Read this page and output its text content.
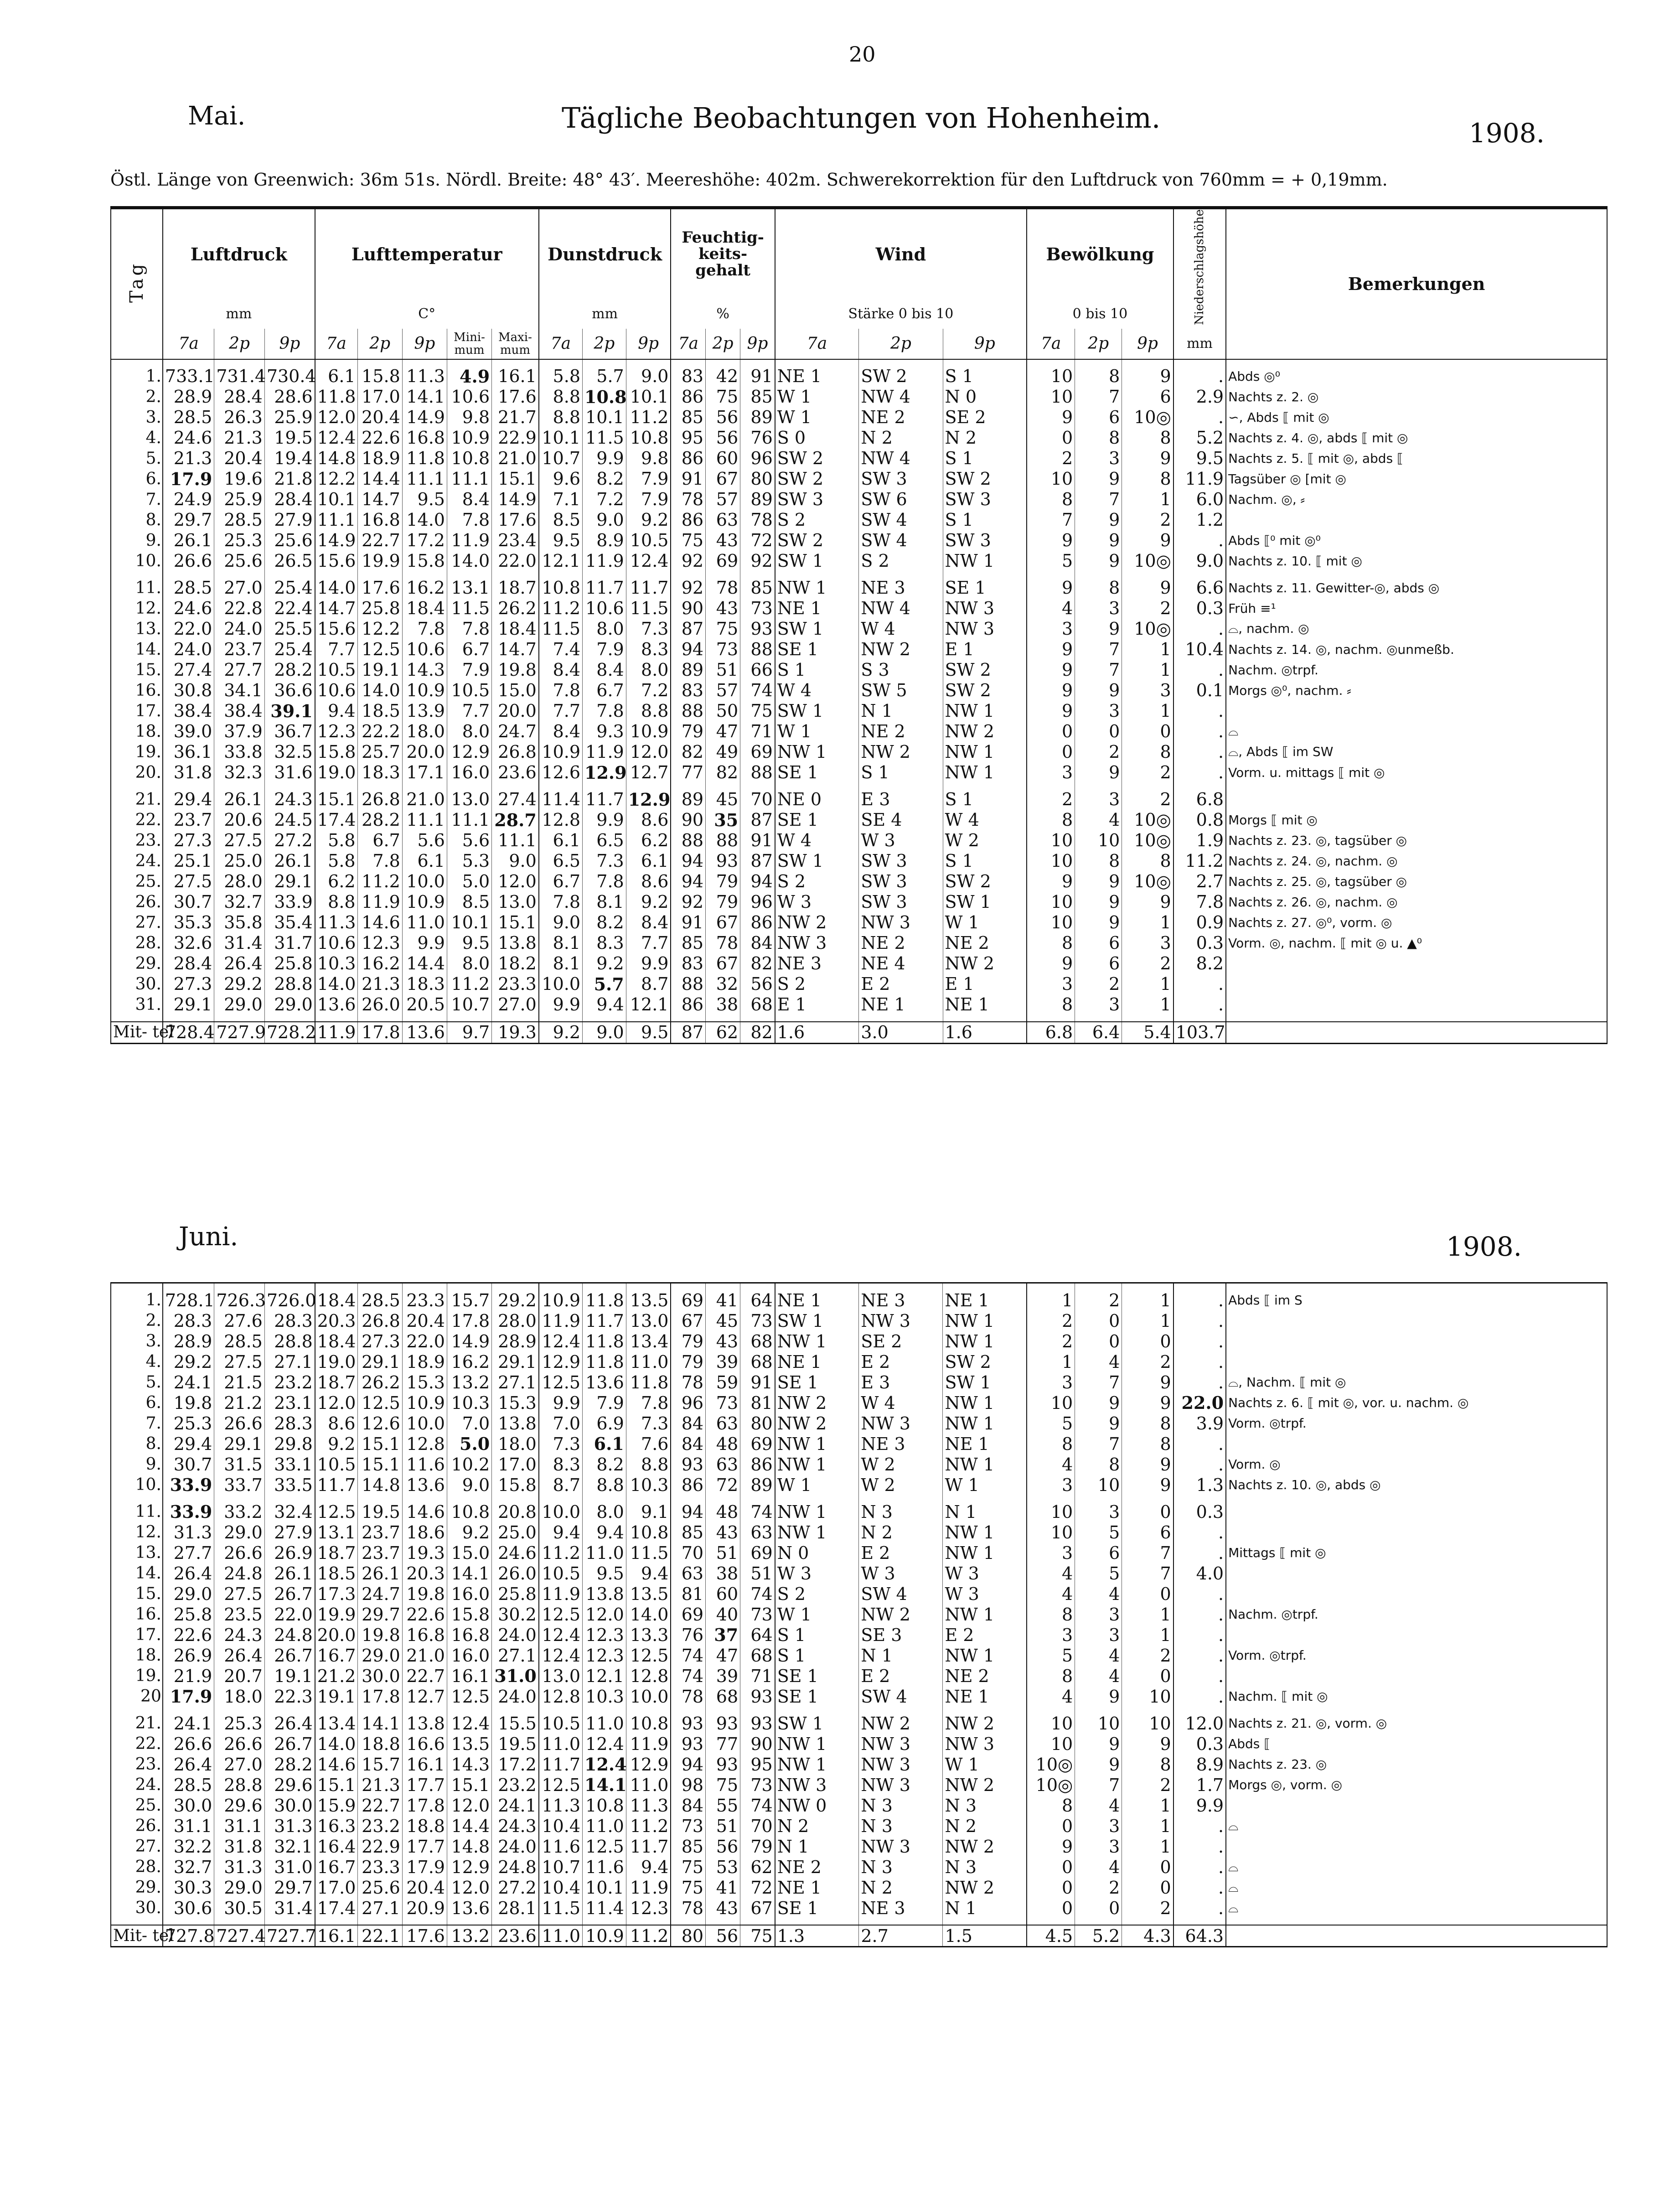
20
Mai.	Tägliche Beobachtungen von Hohenheim.	1908.
Östl. Länge von Greenwich: 36m 51s. Nördl. Breite: 48° 43′. Meereshöhe: 402m. Schwerekorrektion für den Luftdruck von 760mm = + 0,19mm.
Tag	Luftdruck			Lufttemperatur					Dunstdruck			Feuchtig- keits- gehalt			Wind			Bewölkung			Niederschlagshöhe	Bemerkungen
	mm			C°					mm			%			Stärke 0 bis 10			0 bis 10				
	7a	2p	9p	7a	2p	9p	Mini- mum	Maxi- mum	7a	2p	9p	7a	2p	9p	7a	2p	9p	7a	2p	9p	mm	

1.	733.1	731.4	730.4	6.1	15.8	11.3	4.9	16.1	5.8	5.7	9.0	83	42	91	NE 1	SW 2	S 1	10	8	9	.	Abds ◎⁰
2.	28.9	28.4	28.6	11.8	17.0	14.1	10.6	17.6	8.8	10.8	10.1	86	75	85	W 1	NW 4	N 0	10	7	6	2.9	Nachts z. 2. ◎
3.	28.5	26.3	25.9	12.0	20.4	14.9	9.8	21.7	8.8	10.1	11.2	85	56	89	W 1	NE 2	SE 2	9	6	10◎	.	∽, Abds ⟦ mit ◎
4.	24.6	21.3	19.5	12.4	22.6	16.8	10.9	22.9	10.1	11.5	10.8	95	56	76	S 0	N 2	N 2	0	8	8	5.2	Nachts z. 4. ◎, abds ⟦ mit ◎
5.	21.3	20.4	19.4	14.8	18.9	11.8	10.8	21.0	10.7	9.9	9.8	86	60	96	SW 2	NW 4	S 1	2	3	9	9.5	Nachts z. 5. ⟦ mit ◎, abds ⟦
6.	17.9	19.6	21.8	12.2	14.4	11.1	11.1	15.1	9.6	8.2	7.9	91	67	80	SW 2	SW 3	SW 2	10	9	8	11.9	Tagsüber ◎ [mit ◎
7.	24.9	25.9	28.4	10.1	14.7	9.5	8.4	14.9	7.1	7.2	7.9	78	57	89	SW 3	SW 6	SW 3	8	7	1	6.0	Nachm. ◎, ⸗
8.	29.7	28.5	27.9	11.1	16.8	14.0	7.8	17.6	8.5	9.0	9.2	86	63	78	S 2	SW 4	S 1	7	9	2	1.2	
9.	26.1	25.3	25.6	14.9	22.7	17.2	11.9	23.4	9.5	8.9	10.5	75	43	72	SW 2	SW 4	SW 3	9	9	9	.	Abds ⟦⁰ mit ◎⁰
10.	26.6	25.6	26.5	15.6	19.9	15.8	14.0	22.0	12.1	11.9	12.4	92	69	92	SW 1	S 2	NW 1	5	9	10◎	9.0	Nachts z. 10. ⟦ mit ◎

11.	28.5	27.0	25.4	14.0	17.6	16.2	13.1	18.7	10.8	11.7	11.7	92	78	85	NW 1	NE 3	SE 1	9	8	9	6.6	Nachts z. 11. Gewitter-◎, abds ◎
12.	24.6	22.8	22.4	14.7	25.8	18.4	11.5	26.2	11.2	10.6	11.5	90	43	73	NE 1	NW 4	NW 3	4	3	2	0.3	Früh ≡¹
13.	22.0	24.0	25.5	15.6	12.2	7.8	7.8	18.4	11.5	8.0	7.3	87	75	93	SW 1	W 4	NW 3	3	9	10◎	.	⌓, nachm. ◎
14.	24.0	23.7	25.4	7.7	12.5	10.6	6.7	14.7	7.4	7.9	8.3	94	73	88	SE 1	NW 2	E 1	9	7	1	10.4	Nachts z. 14. ◎, nachm. ◎unmeßb.
15.	27.4	27.7	28.2	10.5	19.1	14.3	7.9	19.8	8.4	8.4	8.0	89	51	66	S 1	S 3	SW 2	9	7	1	.	Nachm. ◎trpf.
16.	30.8	34.1	36.6	10.6	14.0	10.9	10.5	15.0	7.8	6.7	7.2	83	57	74	W 4	SW 5	SW 2	9	9	3	0.1	Morgs ◎⁰, nachm. ⸗
17.	38.4	38.4	39.1	9.4	18.5	13.9	7.7	20.0	7.7	7.8	8.8	88	50	75	SW 1	N 1	NW 1	9	3	1	.	
18.	39.0	37.9	36.7	12.3	22.2	18.0	8.0	24.7	8.4	9.3	10.9	79	47	71	W 1	NE 2	NW 2	0	0	0	.	⌓
19.	36.1	33.8	32.5	15.8	25.7	20.0	12.9	26.8	10.9	11.9	12.0	82	49	69	NW 1	NW 2	NW 1	0	2	8	.	⌓, Abds ⟦ im SW
20.	31.8	32.3	31.6	19.0	18.3	17.1	16.0	23.6	12.6	12.9	12.7	77	82	88	SE 1	S 1	NW 1	3	9	2	.	Vorm. u. mittags ⟦ mit ◎

21.	29.4	26.1	24.3	15.1	26.8	21.0	13.0	27.4	11.4	11.7	12.9	89	45	70	NE 0	E 3	S 1	2	3	2	6.8	
22.	23.7	20.6	24.5	17.4	28.2	11.1	11.1	28.7	12.8	9.9	8.6	90	35	87	SE 1	SE 4	W 4	8	4	10◎	0.8	Morgs ⟦ mit ◎
23.	27.3	27.5	27.2	5.8	6.7	5.6	5.6	11.1	6.1	6.5	6.2	88	88	91	W 4	W 3	W 2	10	10	10◎	1.9	Nachts z. 23. ◎, tagsüber ◎
24.	25.1	25.0	26.1	5.8	7.8	6.1	5.3	9.0	6.5	7.3	6.1	94	93	87	SW 1	SW 3	S 1	10	8	8	11.2	Nachts z. 24. ◎, nachm. ◎
25.	27.5	28.0	29.1	6.2	11.2	10.0	5.0	12.0	6.7	7.8	8.6	94	79	94	S 2	SW 3	SW 2	9	9	10◎	2.7	Nachts z. 25. ◎, tagsüber ◎
26.	30.7	32.7	33.9	8.8	11.9	10.9	8.5	13.0	7.8	8.1	9.2	92	79	96	W 3	SW 3	SW 1	10	9	9	7.8	Nachts z. 26. ◎, nachm. ◎
27.	35.3	35.8	35.4	11.3	14.6	11.0	10.1	15.1	9.0	8.2	8.4	91	67	86	NW 2	NW 3	W 1	10	9	1	0.9	Nachts z. 27. ◎⁰, vorm. ◎
28.	32.6	31.4	31.7	10.6	12.3	9.9	9.5	13.8	8.1	8.3	7.7	85	78	84	NW 3	NE 2	NE 2	8	6	3	0.3	Vorm. ◎, nachm. ⟦ mit ◎ u. ▲⁰
29.	28.4	26.4	25.8	10.3	16.2	14.4	8.0	18.2	8.1	9.2	9.9	83	67	82	NE 3	NE 4	NW 2	9	6	2	8.2	
30.	27.3	29.2	28.8	14.0	21.3	18.3	11.2	23.3	10.0	5.7	8.7	88	32	56	S 2	E 2	E 1	3	2	1	.	
31.	29.1	29.0	29.0	13.6	26.0	20.5	10.7	27.0	9.9	9.4	12.1	86	38	68	E 1	NE 1	NE 1	8	3	1	.	

Mit- tel	728.4	727.9	728.2	11.9	17.8	13.6	9.7	19.3	9.2	9.0	9.5	87	62	82	1.6	3.0	1.6	6.8	6.4	5.4	103.7	
Juni.	1908.

1.	728.1	726.3	726.0	18.4	28.5	23.3	15.7	29.2	10.9	11.8	13.5	69	41	64	NE 1	NE 3	NE 1	1	2	1	.	Abds ⟦ im S
2.	28.3	27.6	28.3	20.3	26.8	20.4	17.8	28.0	11.9	11.7	13.0	67	45	73	SW 1	NW 3	NW 1	2	0	1	.	
3.	28.9	28.5	28.8	18.4	27.3	22.0	14.9	28.9	12.4	11.8	13.4	79	43	68	NW 1	SE 2	NW 1	2	0	0	.	
4.	29.2	27.5	27.1	19.0	29.1	18.9	16.2	29.1	12.9	11.8	11.0	79	39	68	NE 1	E 2	SW 2	1	4	2	.	
5.	24.1	21.5	23.2	18.7	26.2	15.3	13.2	27.1	12.5	13.6	11.8	78	59	91	SE 1	E 3	SW 1	3	7	9	.	⌓, Nachm. ⟦ mit ◎
6.	19.8	21.2	23.1	12.0	12.5	10.9	10.3	15.3	9.9	7.9	7.8	96	73	81	NW 2	W 4	NW 1	10	9	9	22.0	Nachts z. 6. ⟦ mit ◎, vor. u. nachm. ◎
7.	25.3	26.6	28.3	8.6	12.6	10.0	7.0	13.8	7.0	6.9	7.3	84	63	80	NW 2	NW 3	NW 1	5	9	8	3.9	Vorm. ◎trpf.
8.	29.4	29.1	29.8	9.2	15.1	12.8	5.0	18.0	7.3	6.1	7.6	84	48	69	NW 1	NE 3	NE 1	8	7	8	.	
9.	30.7	31.5	33.1	10.5	15.1	11.6	10.2	17.0	8.3	8.2	8.8	93	63	86	NW 1	W 2	NW 1	4	8	9	.	Vorm. ◎
10.	33.9	33.7	33.5	11.7	14.8	13.6	9.0	15.8	8.7	8.8	10.3	86	72	89	W 1	W 2	W 1	3	10	9	1.3	Nachts z. 10. ◎, abds ◎

11.	33.9	33.2	32.4	12.5	19.5	14.6	10.8	20.8	10.0	8.0	9.1	94	48	74	NW 1	N 3	N 1	10	3	0	0.3	
12.	31.3	29.0	27.9	13.1	23.7	18.6	9.2	25.0	9.4	9.4	10.8	85	43	63	NW 1	N 2	NW 1	10	5	6	.	
13.	27.7	26.6	26.9	18.7	23.7	19.3	15.0	24.6	11.2	11.0	11.5	70	51	69	N 0	E 2	NW 1	3	6	7	.	Mittags ⟦ mit ◎
14.	26.4	24.8	26.1	18.5	26.1	20.3	14.1	26.0	10.5	9.5	9.4	63	38	51	W 3	W 3	W 3	4	5	7	4.0	
15.	29.0	27.5	26.7	17.3	24.7	19.8	16.0	25.8	11.9	13.8	13.5	81	60	74	S 2	SW 4	W 3	4	4	0	.	
16.	25.8	23.5	22.0	19.9	29.7	22.6	15.8	30.2	12.5	12.0	14.0	69	40	73	W 1	NW 2	NW 1	8	3	1	.	Nachm. ◎trpf.
17.	22.6	24.3	24.8	20.0	19.8	16.8	16.8	24.0	12.4	12.3	13.3	76	37	64	S 1	SE 3	E 2	3	3	1	.	
18.	26.9	26.4	26.7	16.7	29.0	21.0	16.0	27.1	12.4	12.3	12.5	74	47	68	S 1	N 1	NW 1	5	4	2	.	Vorm. ◎trpf.
19.	21.9	20.7	19.1	21.2	30.0	22.7	16.1	31.0	13.0	12.1	12.8	74	39	71	SE 1	E 2	NE 2	8	4	0	.	
20	17.9	18.0	22.3	19.1	17.8	12.7	12.5	24.0	12.8	10.3	10.0	78	68	93	SE 1	SW 4	NE 1	4	9	10	.	Nachm. ⟦ mit ◎

21.	24.1	25.3	26.4	13.4	14.1	13.8	12.4	15.5	10.5	11.0	10.8	93	93	93	SW 1	NW 2	NW 2	10	10	10	12.0	Nachts z. 21. ◎, vorm. ◎
22.	26.6	26.6	26.7	14.0	18.8	16.6	13.5	19.5	11.0	12.4	11.9	93	77	90	NW 1	NW 3	NW 3	10	9	9	0.3	Abds ⟦
23.	26.4	27.0	28.2	14.6	15.7	16.1	14.3	17.2	11.7	12.4	12.9	94	93	95	NW 1	NW 3	W 1	10◎	9	8	8.9	Nachts z. 23. ◎
24.	28.5	28.8	29.6	15.1	21.3	17.7	15.1	23.2	12.5	14.1	11.0	98	75	73	NW 3	NW 3	NW 2	10◎	7	2	1.7	Morgs ◎, vorm. ◎
25.	30.0	29.6	30.0	15.9	22.7	17.8	12.0	24.1	11.3	10.8	11.3	84	55	74	NW 0	N 3	N 3	8	4	1	9.9	
26.	31.1	31.1	31.3	16.3	23.2	18.8	14.4	24.3	10.4	11.0	11.2	73	51	70	N 2	N 3	N 2	0	3	1	.	⌓
27.	32.2	31.8	32.1	16.4	22.9	17.7	14.8	24.0	11.6	12.5	11.7	85	56	79	N 1	NW 3	NW 2	9	3	1	.	
28.	32.7	31.3	31.0	16.7	23.3	17.9	12.9	24.8	10.7	11.6	9.4	75	53	62	NE 2	N 3	N 3	0	4	0	.	⌓
29.	30.3	29.0	29.7	17.0	25.6	20.4	12.0	27.2	10.4	10.1	11.9	75	41	72	NE 1	N 2	NW 2	0	2	0	.	⌓
30.	30.6	30.5	31.4	17.4	27.1	20.9	13.6	28.1	11.5	11.4	12.3	78	43	67	SE 1	NE 3	N 1	0	0	2	.	⌓

Mit- tel	727.8	727.4	727.7	16.1	22.1	17.6	13.2	23.6	11.0	10.9	11.2	80	56	75	1.3	2.7	1.5	4.5	5.2	4.3	64.3	
